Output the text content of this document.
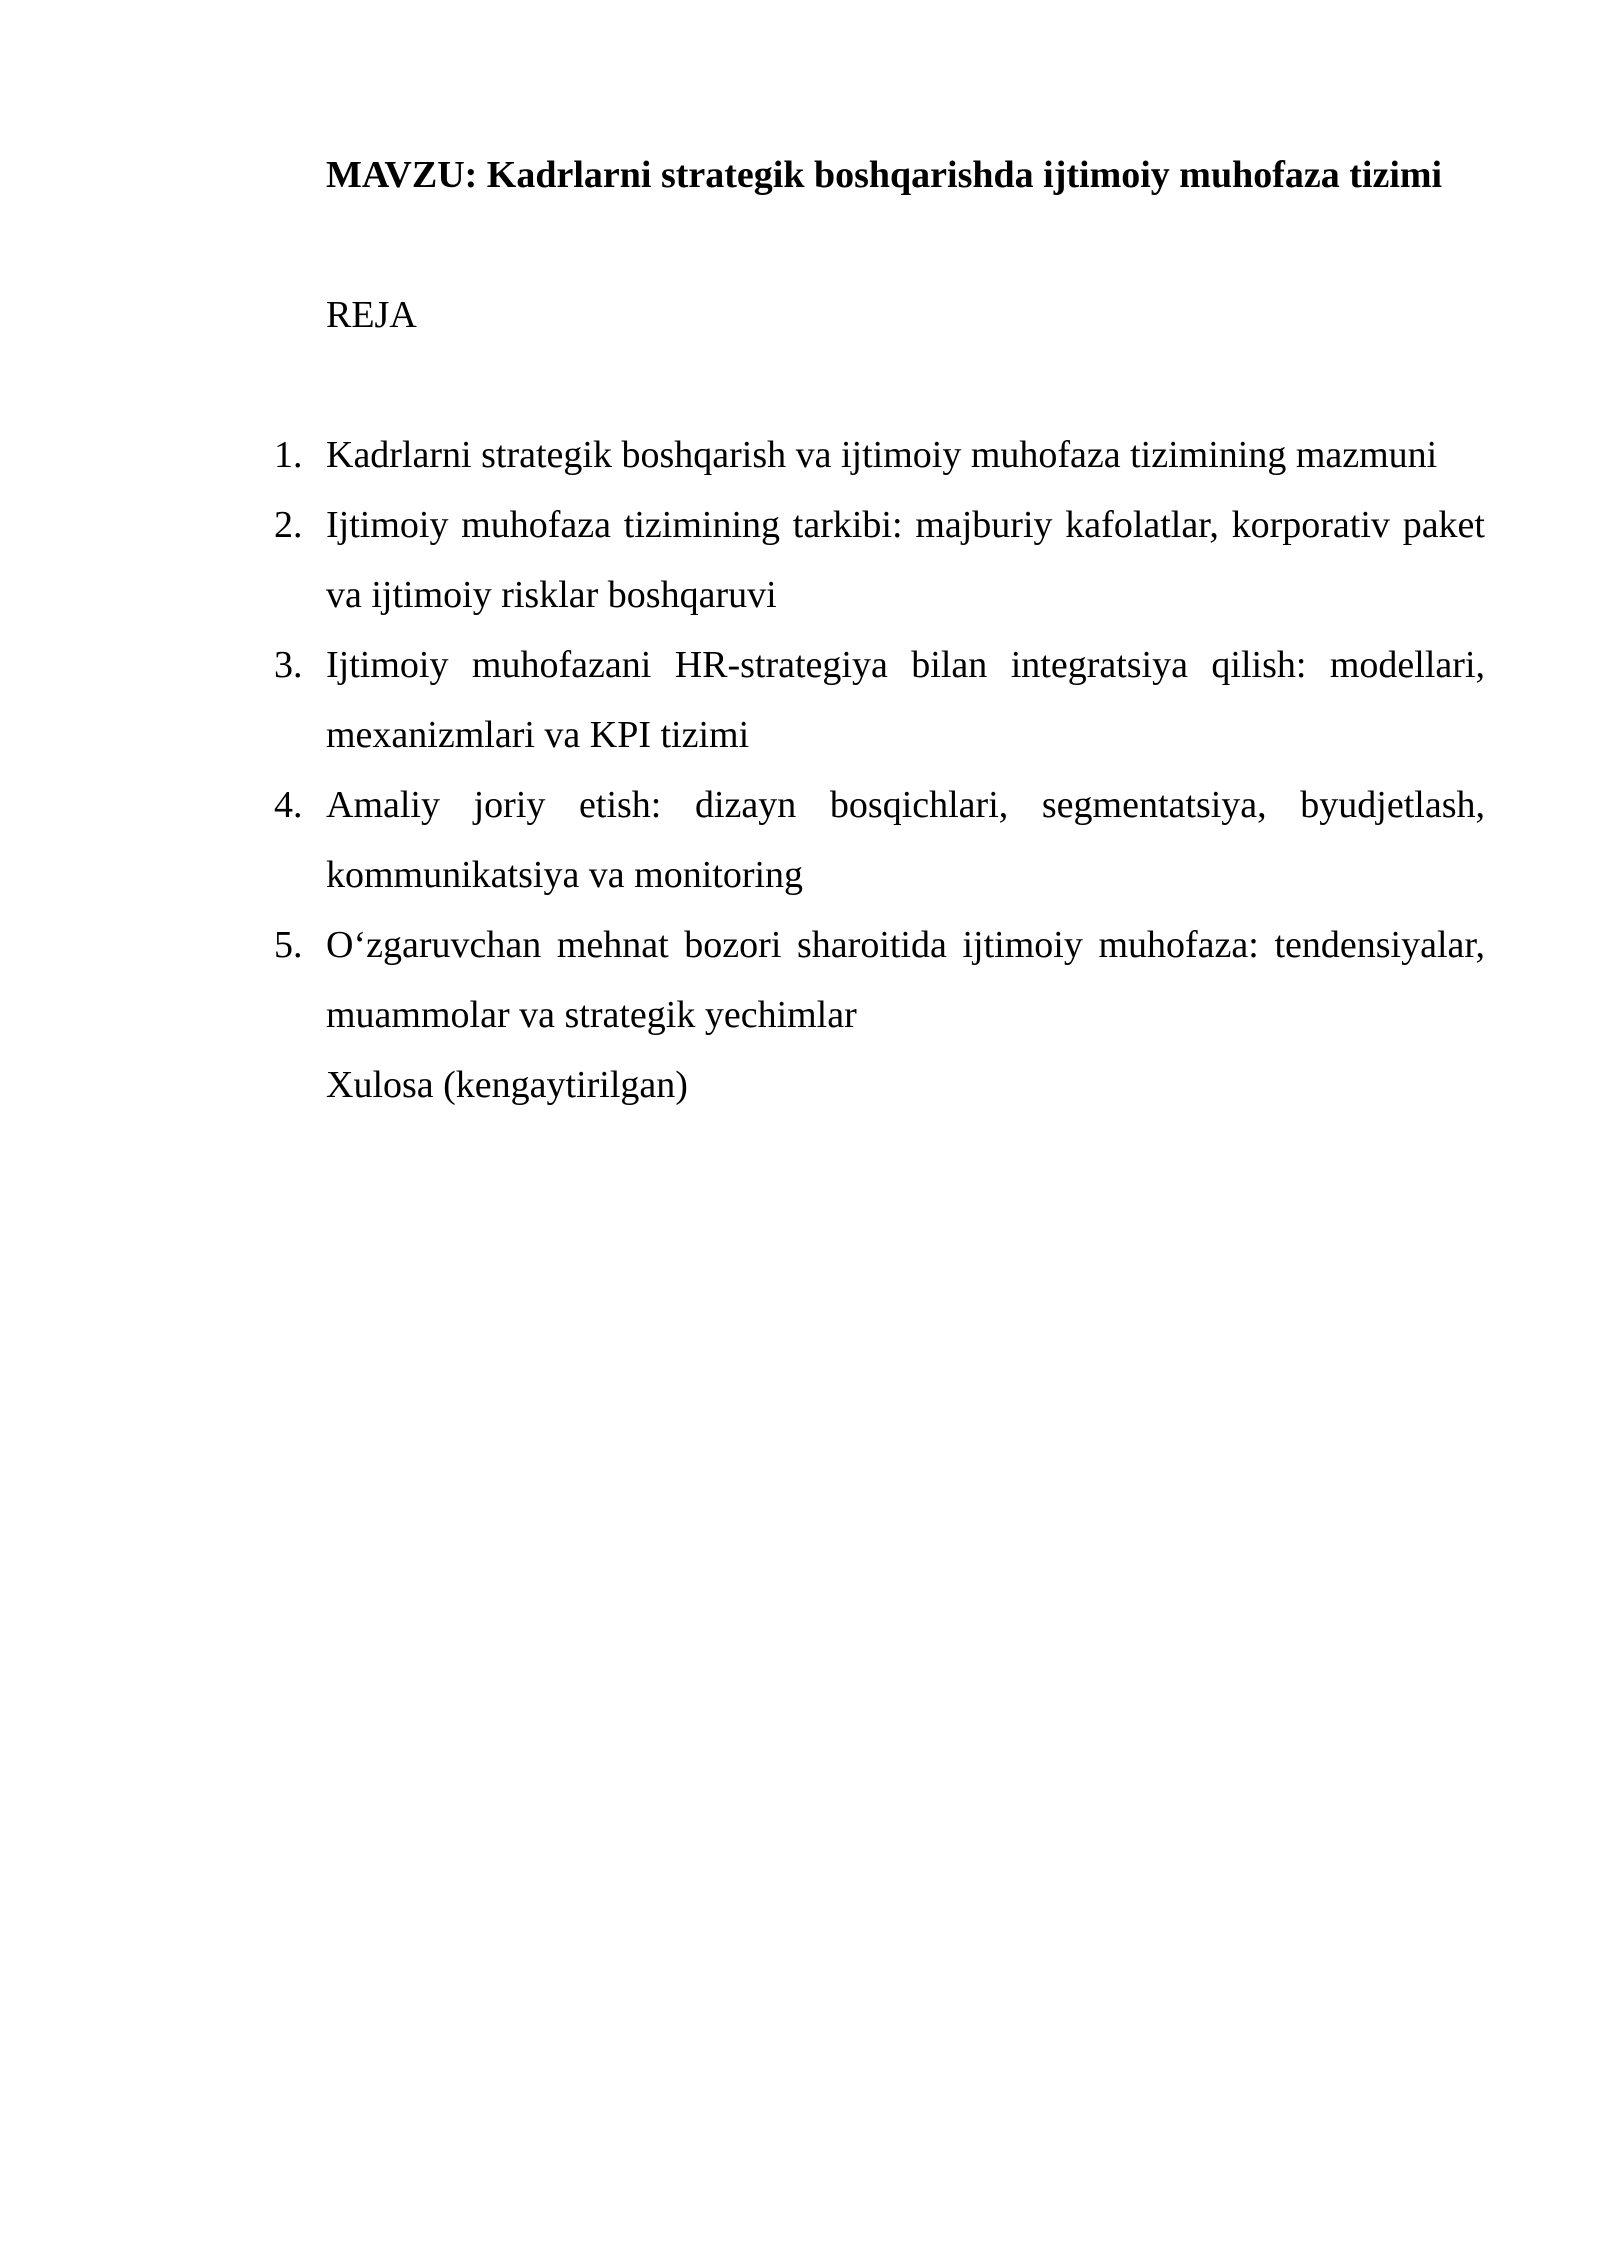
MAVZU: Kadrlarni strategik boshqarishda ijtimoiy muhofaza tizimi

REJA

1. Kadrlarni strategik boshqarish va ijtimoiy muhofaza tizimining mazmuni
2. Ijtimoiy muhofaza tizimining tarkibi: majburiy kafolatlar, korporativ paket va ijtimoiy risklar boshqaruvi
3. Ijtimoiy muhofazani HR-strategiya bilan integratsiya qilish: modellari, mexanizmlari va KPI tizimi
4. Amaliy joriy etish: dizayn bosqichlari, segmentatsiya, byudjetlash, kommunikatsiya va monitoring
5. O‘zgaruvchan mehnat bozori sharoitida ijtimoiy muhofaza: tendensiyalar, muammolar va strategik yechimlar

Xulosa (kengaytirilgan)
